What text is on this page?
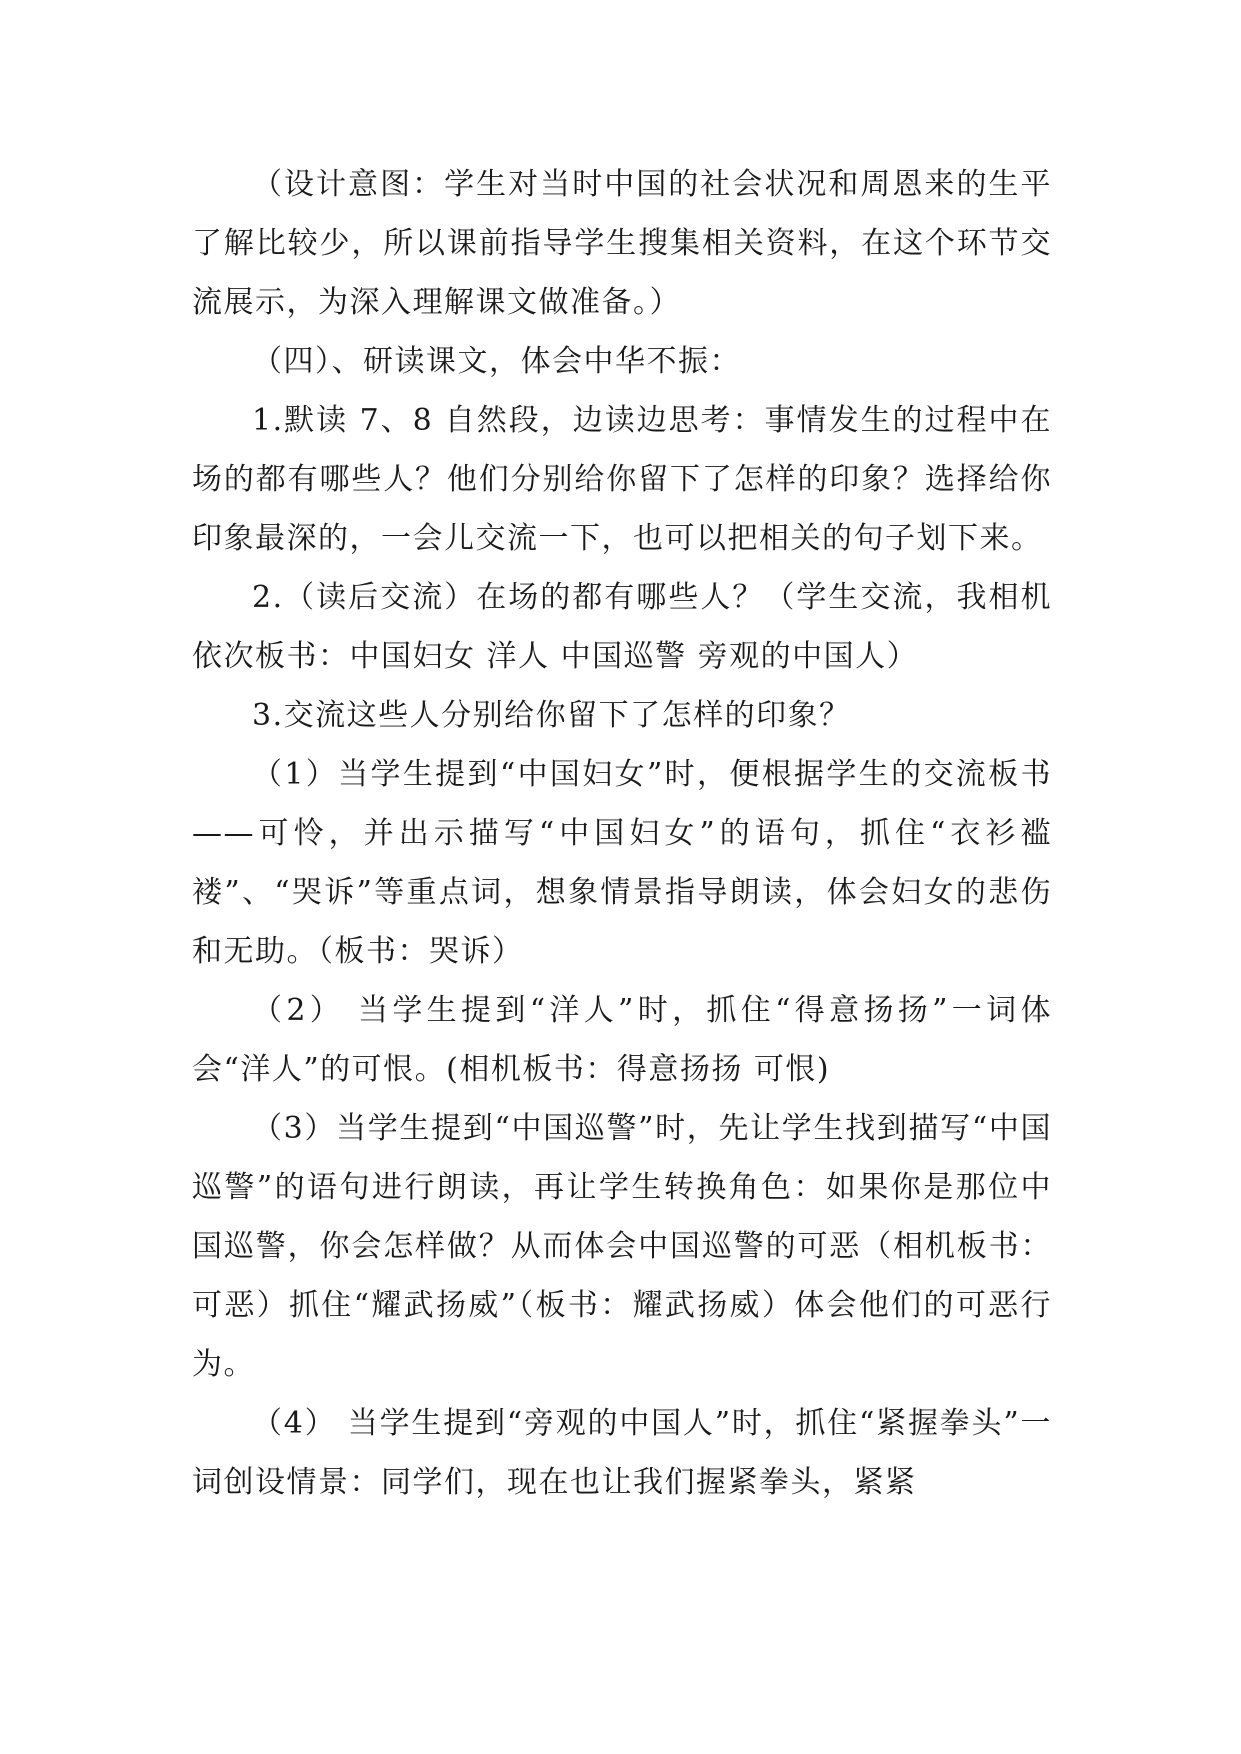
（设计意图：学生对当时中国的社会状况和周恩来的生平了解比较少，所以课前指导学生搜集相关资料，在这个环节交流展示，为深入理解课文做准备。）

（四）、研读课文，体会中华不振：

1.默读 7、8 自然段，边读边思考：事情发生的过程中在场的都有哪些人？他们分别给你留下了怎样的印象？选择给你印象最深的，一会儿交流一下，也可以把相关的句子划下来。

2.（读后交流）在场的都有哪些人？（学生交流，我相机依次板书：中国妇女 洋人 中国巡警 旁观的中国人）

3.交流这些人分别给你留下了怎样的印象？

（1）当学生提到“中国妇女”时，便根据学生的交流板书——可怜，并出示描写“中国妇女”的语句，抓住“衣衫褴褛”、“哭诉”等重点词，想象情景指导朗读，体会妇女的悲伤和无助。（板书：哭诉）

（2） 当学生提到“洋人”时，抓住“得意扬扬”一词体会“洋人”的可恨。(相机板书：得意扬扬 可恨)

（3）当学生提到“中国巡警”时，先让学生找到描写“中国巡警”的语句进行朗读，再让学生转换角色：如果你是那位中国巡警，你会怎样做？从而体会中国巡警的可恶（相机板书：可恶）抓住“耀武扬威”（板书：耀武扬威）体会他们的可恶行为。

（4） 当学生提到“旁观的中国人”时，抓住“紧握拳头”一词创设情景：同学们，现在也让我们握紧拳头，紧紧
